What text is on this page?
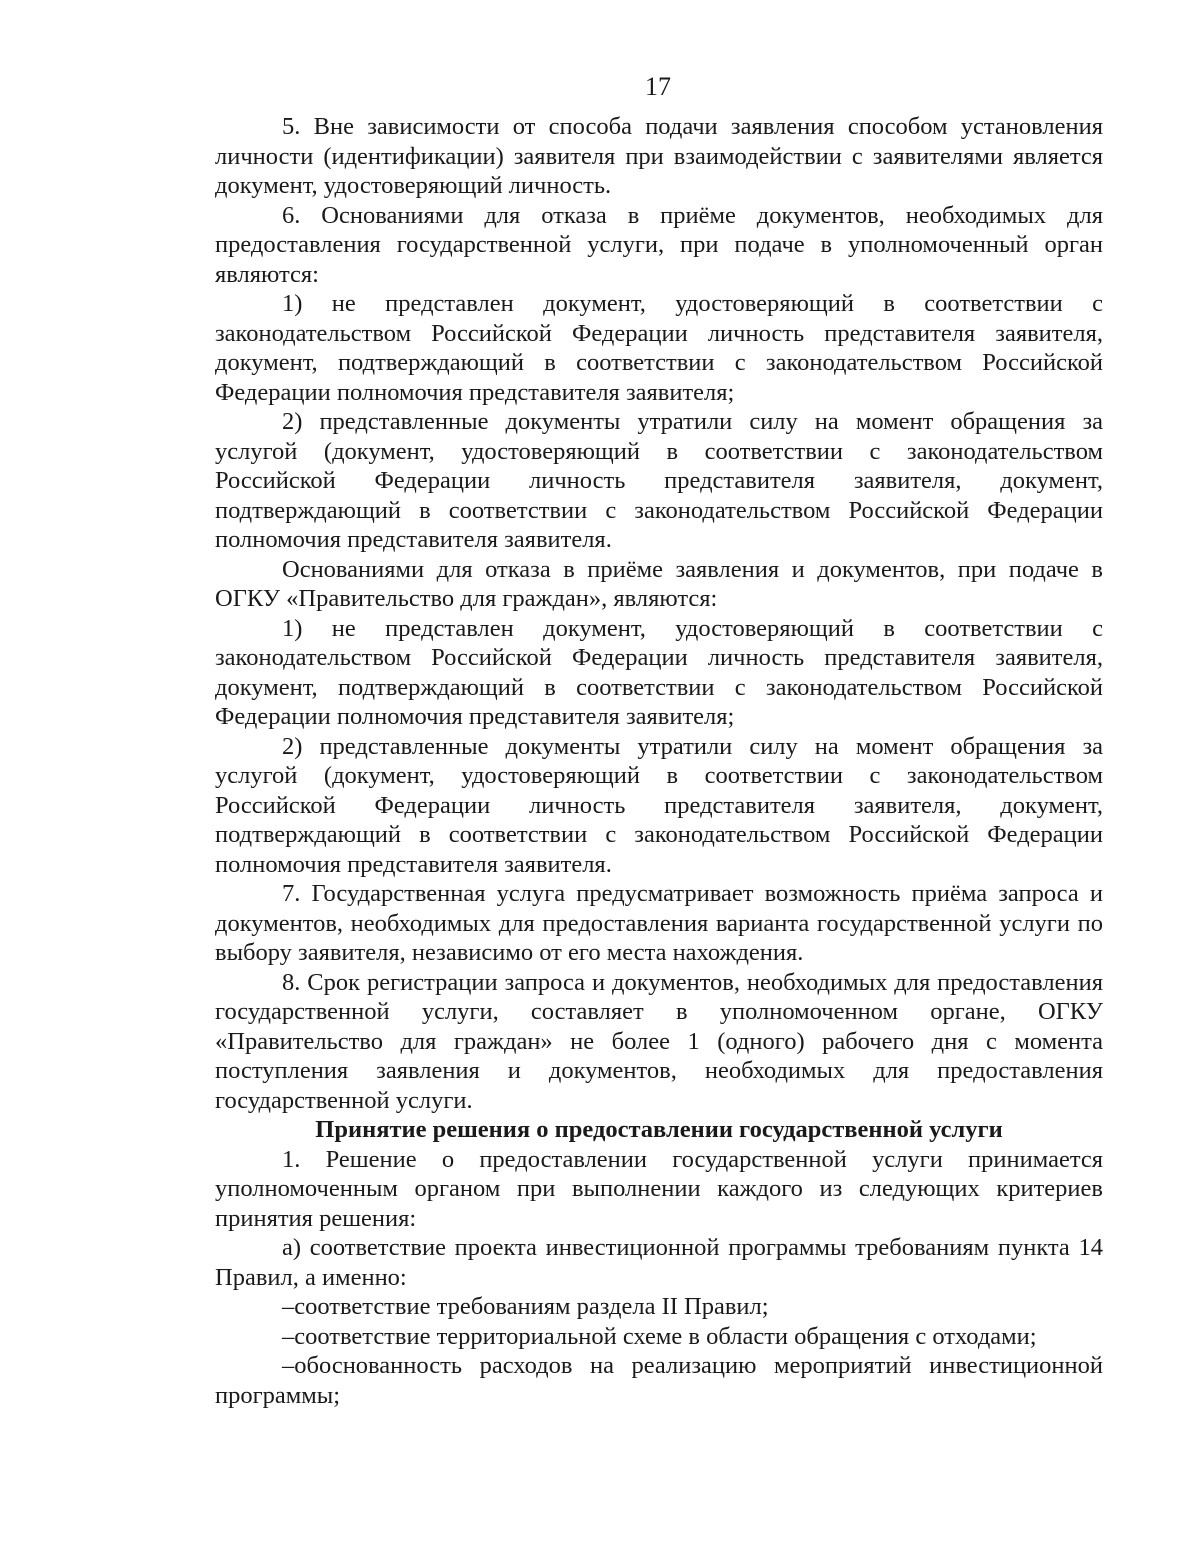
17

5. Вне зависимости от способа подачи заявления способом установления личности (идентификации) заявителя при взаимодействии с заявителями является документ, удостоверяющий личность.

6. Основаниями для отказа в приёме документов, необходимых для предоставления государственной услуги, при подаче в уполномоченный орган являются:

1) не представлен документ, удостоверяющий в соответствии с законодательством Российской Федерации личность представителя заявителя, документ, подтверждающий в соответствии с законодательством Российской Федерации полномочия представителя заявителя;

2) представленные документы утратили силу на момент обращения за услугой (документ, удостоверяющий в соответствии с законодательством Российской Федерации личность представителя заявителя, документ, подтверждающий в соответствии с законодательством Российской Федерации полномочия представителя заявителя.

Основаниями для отказа в приёме заявления и документов, при подаче в ОГКУ «Правительство для граждан», являются:

1) не представлен документ, удостоверяющий в соответствии с законодательством Российской Федерации личность представителя заявителя, документ, подтверждающий в соответствии с законодательством Российской Федерации полномочия представителя заявителя;

2) представленные документы утратили силу на момент обращения за услугой (документ, удостоверяющий в соответствии с законодательством Российской Федерации личность представителя заявителя, документ, подтверждающий в соответствии с законодательством Российской Федерации полномочия представителя заявителя.

7. Государственная услуга предусматривает возможность приёма запроса и документов, необходимых для предоставления варианта государственной услуги по выбору заявителя, независимо от его места нахождения.

8. Срок регистрации запроса и документов, необходимых для предоставления государственной услуги, составляет в уполномоченном органе, ОГКУ «Правительство для граждан» не более 1 (одного) рабочего дня с момента поступления заявления и документов, необходимых для предоставления государственной услуги.

Принятие решения о предоставлении государственной услуги

1. Решение о предоставлении государственной услуги принимается уполномоченным органом при выполнении каждого из следующих критериев принятия решения:

а) соответствие проекта инвестиционной программы требованиям пункта 14 Правил, а именно:

–соответствие требованиям раздела II Правил;

–соответствие территориальной схеме в области обращения с отходами;

–обоснованность расходов на реализацию мероприятий инвестиционной программы;
